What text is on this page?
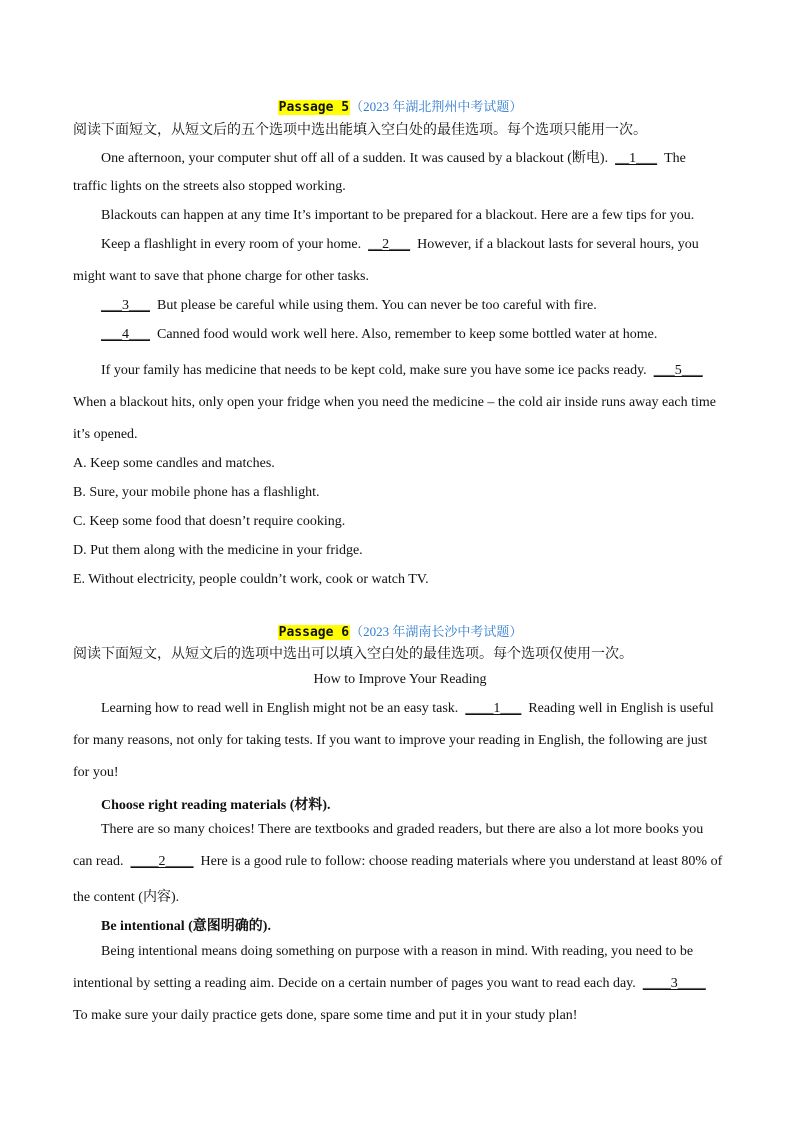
Passage 5（2023 年湖北荆州中考试题）
阅读下面短文，从短文后的五个选项中选出能填入空白处的最佳选项。每个选项只能用一次。
One afternoon, your computer shut off all of a sudden. It was caused by a blackout (断电). __1___ The
traffic lights on the streets also stopped working.
Blackouts can happen at any time It’s important to be prepared for a blackout. Here are a few tips for you.
Keep a flashlight in every room of your home. __2___ However, if a blackout lasts for several hours, you
might want to save that phone charge for other tasks.
___3___ But please be careful while using them. You can never be too careful with fire.
___4___ Canned food would work well here. Also, remember to keep some bottled water at home.
If your family has medicine that needs to be kept cold, make sure you have some ice packs ready. ___5___
When a blackout hits, only open your fridge when you need the medicine – the cold air inside runs away each time
it’s opened.
A. Keep some candles and matches.
B. Sure, your mobile phone has a flashlight.
C. Keep some food that doesn’t require cooking.
D. Put them along with the medicine in your fridge.
E. Without electricity, people couldn’t work, cook or watch TV.
Passage 6（2023 年湖南长沙中考试题）
阅读下面短文，从短文后的选项中选出可以填入空白处的最佳选项。每个选项仅使用一次。
How to Improve Your Reading
Learning how to read well in English might not be an easy task. ____1___ Reading well in English is useful
for many reasons, not only for taking tests. If you want to improve your reading in English, the following are just
for you!
Choose right reading materials (材料).
There are so many choices! There are textbooks and graded readers, but there are also a lot more books you
can read. ____2____ Here is a good rule to follow: choose reading materials where you understand at least 80% of
the content (内容).
Be intentional (意图明确的).
Being intentional means doing something on purpose with a reason in mind. With reading, you need to be
intentional by setting a reading aim. Decide on a certain number of pages you want to read each day. ____3____
To make sure your daily practice gets done, spare some time and put it in your study plan!
